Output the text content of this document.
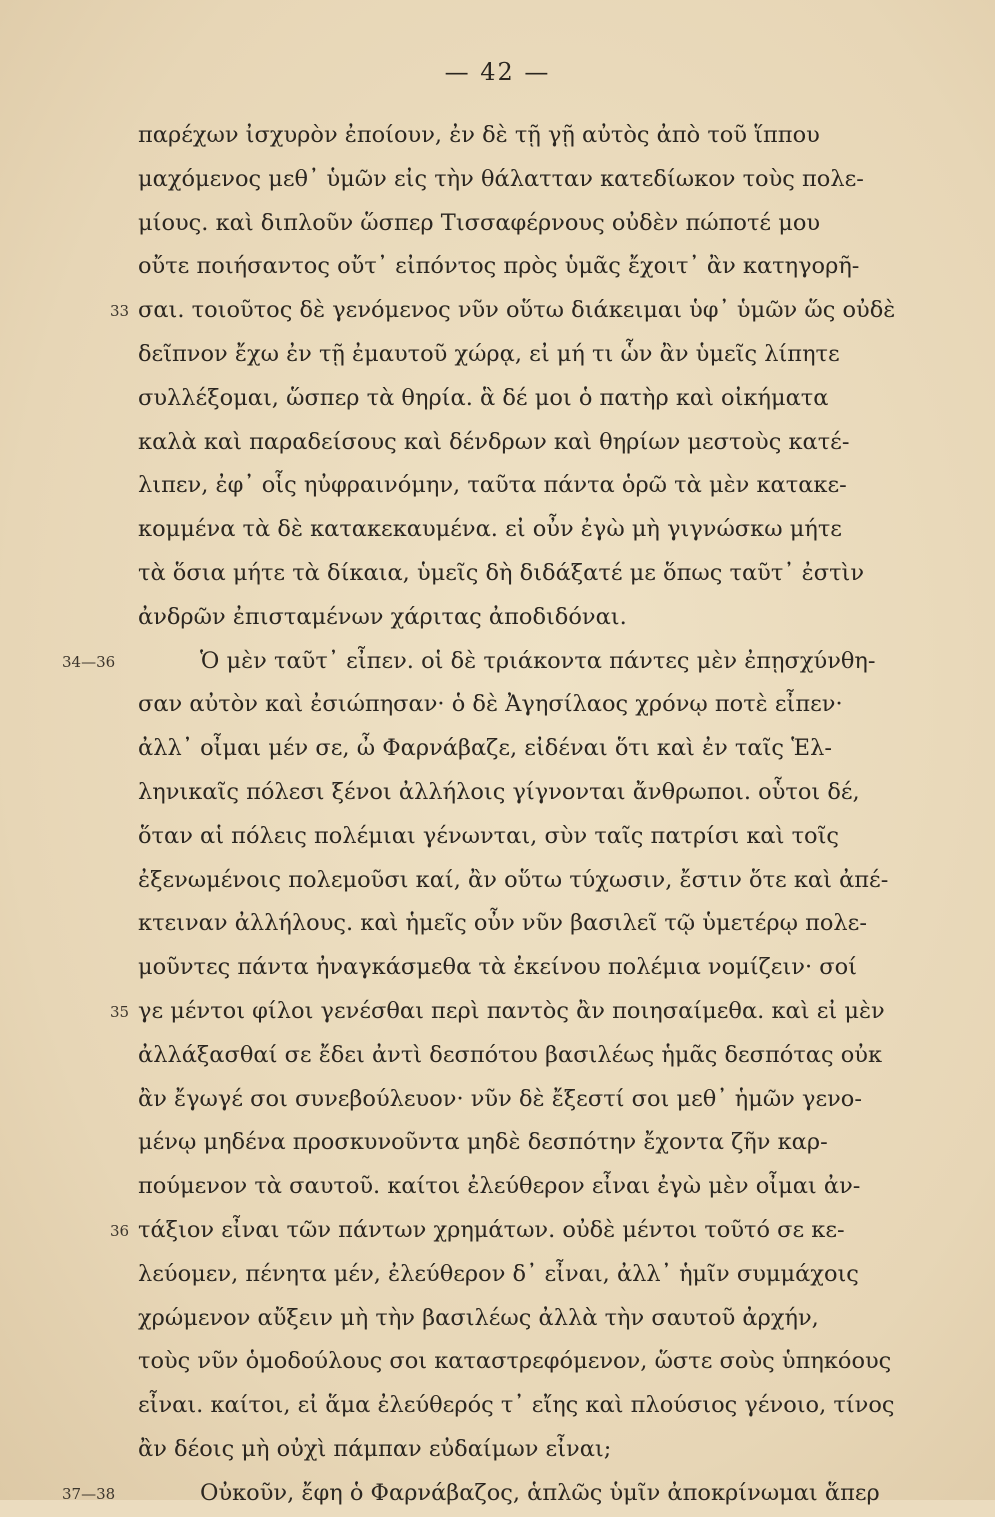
— 42 —
παρέχων ἰσχυρὸν ἐποίουν, ἐν δὲ τῇ γῇ αὐτὸς ἀπὸ τοῦ ἵππου
μαχόμενος μεθ᾿ ὑμῶν εἰς τὴν θάλατταν κατεδίωκον τοὺς πολε-
μίους. καὶ διπλοῦν ὥσπερ Τισσαφέρνους οὐδὲν πώποτέ μου
οὔτε ποιήσαντος οὔτ᾿ εἰπόντος πρὸς ὑμᾶς ἔχοιτ᾿ ἂν κατηγορῆ-
33 σαι. τοιοῦτος δὲ γενόμενος νῦν οὕτω διάκειμαι ὑφ᾿ ὑμῶν ὥς οὐδὲ
δεῖπνον ἔχω ἐν τῇ ἐμαυτοῦ χώρᾳ, εἰ μή τι ὧν ἂν ὑμεῖς λίπητε
συλλέξομαι, ὥσπερ τὰ θηρία. ἃ δέ μοι ὁ πατὴρ καὶ οἰκήματα
καλὰ καὶ παραδείσους καὶ δένδρων καὶ θηρίων μεστοὺς κατέ-
λιπεν, ἐφ᾿ οἷς ηὐφραινόμην, ταῦτα πάντα ὁρῶ τὰ μὲν κατακε-
κομμένα τὰ δὲ κατακεκαυμένα. εἰ οὖν ἐγὼ μὴ γιγνώσκω μήτε
τὰ ὅσια μήτε τὰ δίκαια, ὑμεῖς δὴ διδάξατέ με ὅπως ταῦτ᾿ ἐστὶν
ἀνδρῶν ἐπισταμένων χάριτας ἀποδιδόναι.
34—36	Ὁ μὲν ταῦτ᾿ εἶπεν. οἱ δὲ τριάκοντα πάντες μὲν ἐπῃσχύνθη-
σαν αὐτὸν καὶ ἐσιώπησαν· ὁ δὲ Ἀγησίλαος χρόνῳ ποτὲ εἶπεν·
ἀλλ᾿ οἶμαι μέν σε, ὦ Φαρνάβαζε, εἰδέναι ὅτι καὶ ἐν ταῖς Ἑλ-
ληνικαῖς πόλεσι ξένοι ἀλλήλοις γίγνονται ἄνθρωποι. οὗτοι δέ,
ὅταν αἱ πόλεις πολέμιαι γένωνται, σὺν ταῖς πατρίσι καὶ τοῖς
ἐξενωμένοις πολεμοῦσι καί, ἂν οὕτω τύχωσιν, ἔστιν ὅτε καὶ ἀπέ-
κτειναν ἀλλήλους. καὶ ἡμεῖς οὖν νῦν βασιλεῖ τῷ ὑμετέρῳ πολε-
μοῦντες πάντα ἠναγκάσμεθα τὰ ἐκείνου πολέμια νομίζειν· σοί
35 γε μέντοι φίλοι γενέσθαι περὶ παντὸς ἂν ποιησαίμεθα. καὶ εἰ μὲν
ἀλλάξασθαί σε ἔδει ἀντὶ δεσπότου βασιλέως ἡμᾶς δεσπότας οὐκ
ἂν ἔγωγέ σοι συνεβούλευον· νῦν δὲ ἔξεστί σοι μεθ᾿ ἡμῶν γενο-
μένῳ μηδένα προσκυνοῦντα μηδὲ δεσπότην ἔχοντα ζῆν καρ-
πούμενον τὰ σαυτοῦ. καίτοι ἐλεύθερον εἶναι ἐγὼ μὲν οἶμαι ἀν-
36 τάξιον εἶναι τῶν πάντων χρημάτων. οὐδὲ μέντοι τοῦτό σε κε-
λεύομεν, πένητα μέν, ἐλεύθερον δ᾿ εἶναι, ἀλλ᾿ ἡμῖν συμμάχοις
χρώμενον αὔξειν μὴ τὴν βασιλέως ἀλλὰ τὴν σαυτοῦ ἀρχήν,
τοὺς νῦν ὁμοδούλους σοι καταστρεφόμενον, ὥστε σοὺς ὑπηκόους
εἶναι. καίτοι, εἰ ἅμα ἐλεύθερός τ᾿ εἴης καὶ πλούσιος γένοιο, τίνος
ἂν δέοις μὴ οὐχὶ πάμπαν εὐδαίμων εἶναι;
37—38	Οὐκοῦν, ἔφη ὁ Φαρνάβαζος, ἁπλῶς ὑμῖν ἀποκρίνωμαι ἅπερ
